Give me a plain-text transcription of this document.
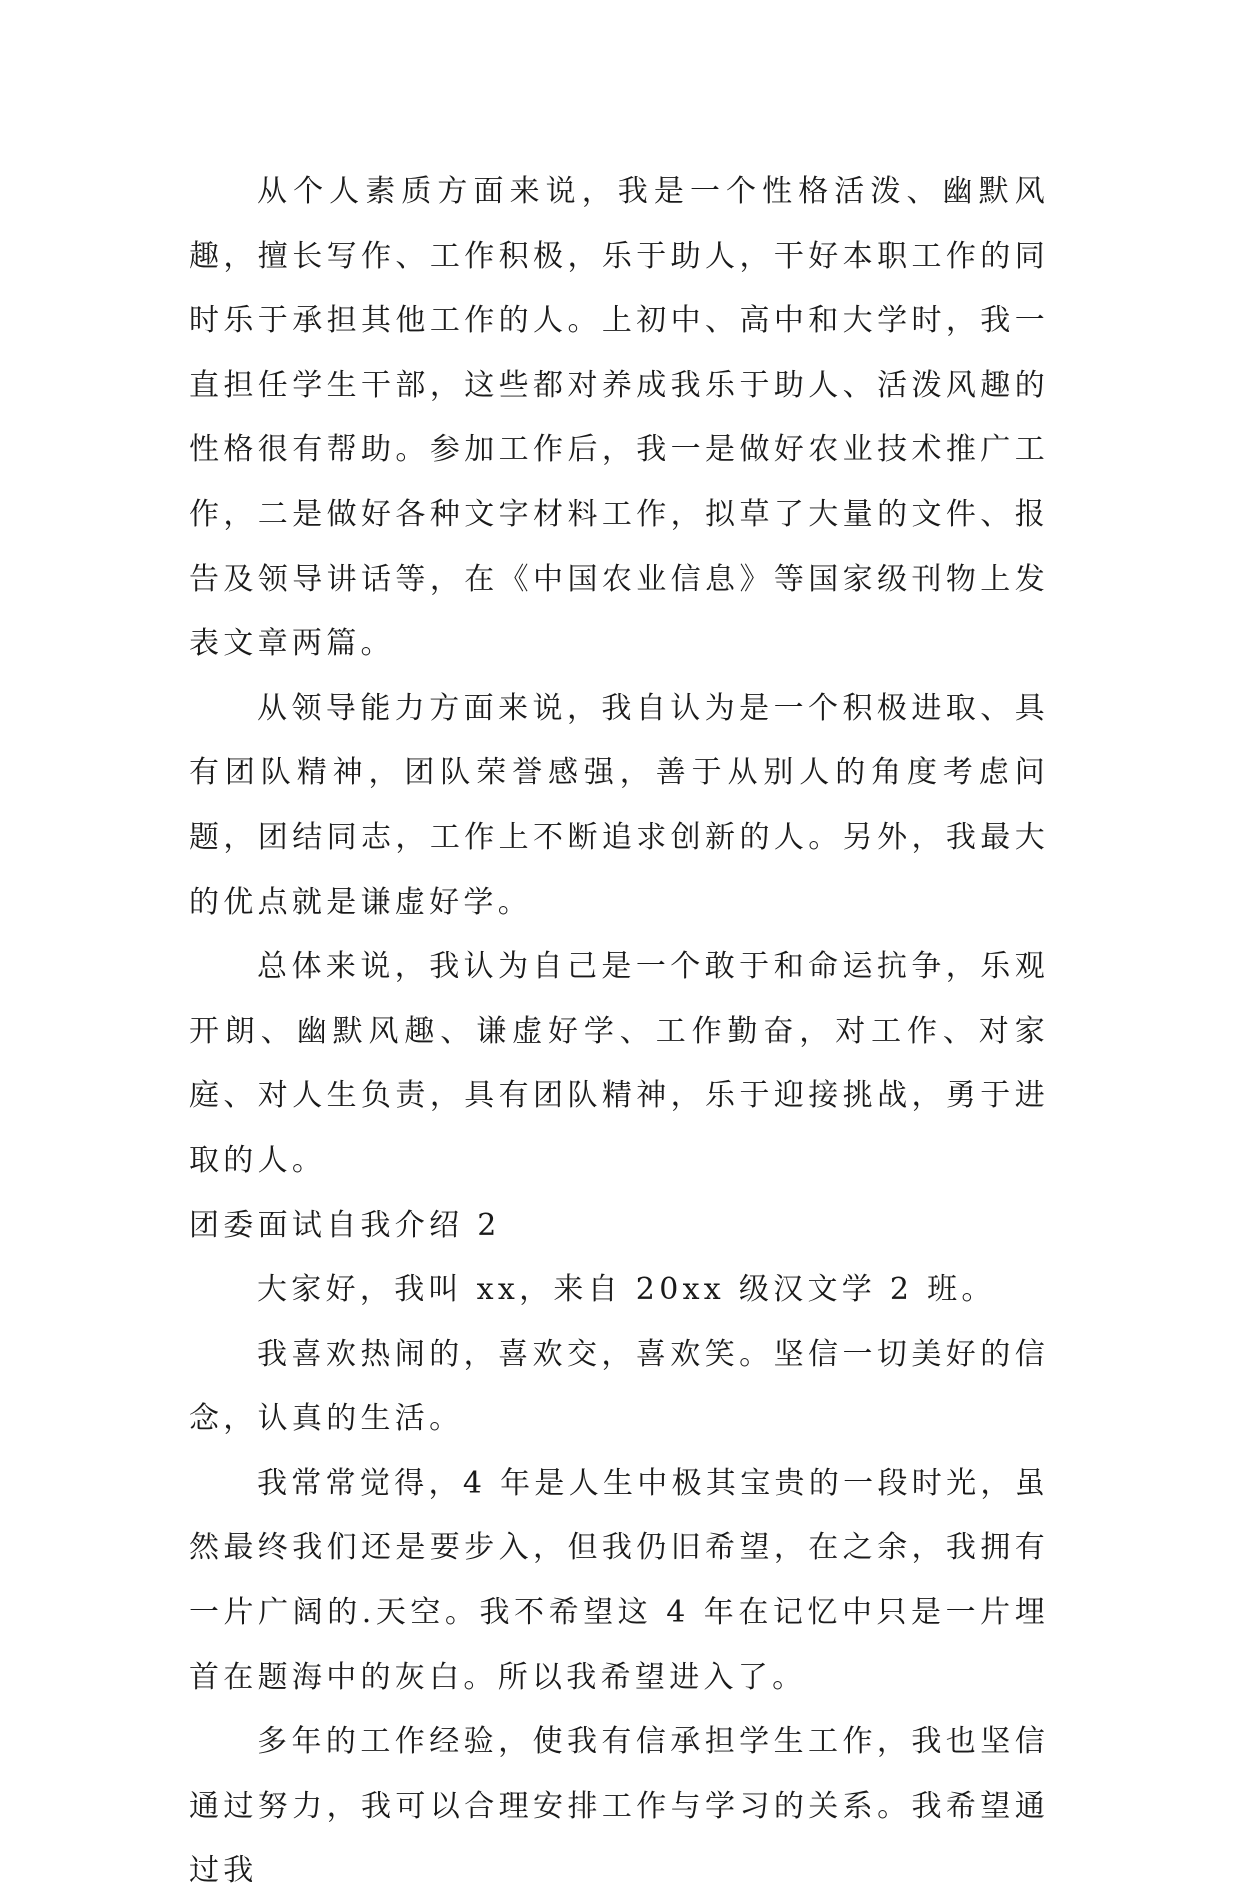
从个人素质方面来说，我是一个性格活泼、幽默风趣，擅长写作、工作积极，乐于助人，干好本职工作的同时乐于承担其他工作的人。上初中、高中和大学时，我一直担任学生干部，这些都对养成我乐于助人、活泼风趣的性格很有帮助。参加工作后，我一是做好农业技术推广工作，二是做好各种文字材料工作，拟草了大量的文件、报告及领导讲话等，在《中国农业信息》等国家级刊物上发表文章两篇。

从领导能力方面来说，我自认为是一个积极进取、具有团队精神，团队荣誉感强，善于从别人的角度考虑问题，团结同志，工作上不断追求创新的人。另外，我最大的优点就是谦虚好学。

总体来说，我认为自己是一个敢于和命运抗争，乐观开朗、幽默风趣、谦虚好学、工作勤奋，对工作、对家庭、对人生负责，具有团队精神，乐于迎接挑战，勇于进取的人。

团委面试自我介绍 2

大家好，我叫 xx，来自 20xx 级汉文学 2 班。

我喜欢热闹的，喜欢交，喜欢笑。坚信一切美好的信念，认真的生活。

我常常觉得，4 年是人生中极其宝贵的一段时光，虽然最终我们还是要步入，但我仍旧希望，在之余，我拥有一片广阔的.天空。我不希望这 4 年在记忆中只是一片埋首在题海中的灰白。所以我希望进入了。

多年的工作经验，使我有信承担学生工作，我也坚信通过努力，我可以合理安排工作与学习的关系。我希望通过我
